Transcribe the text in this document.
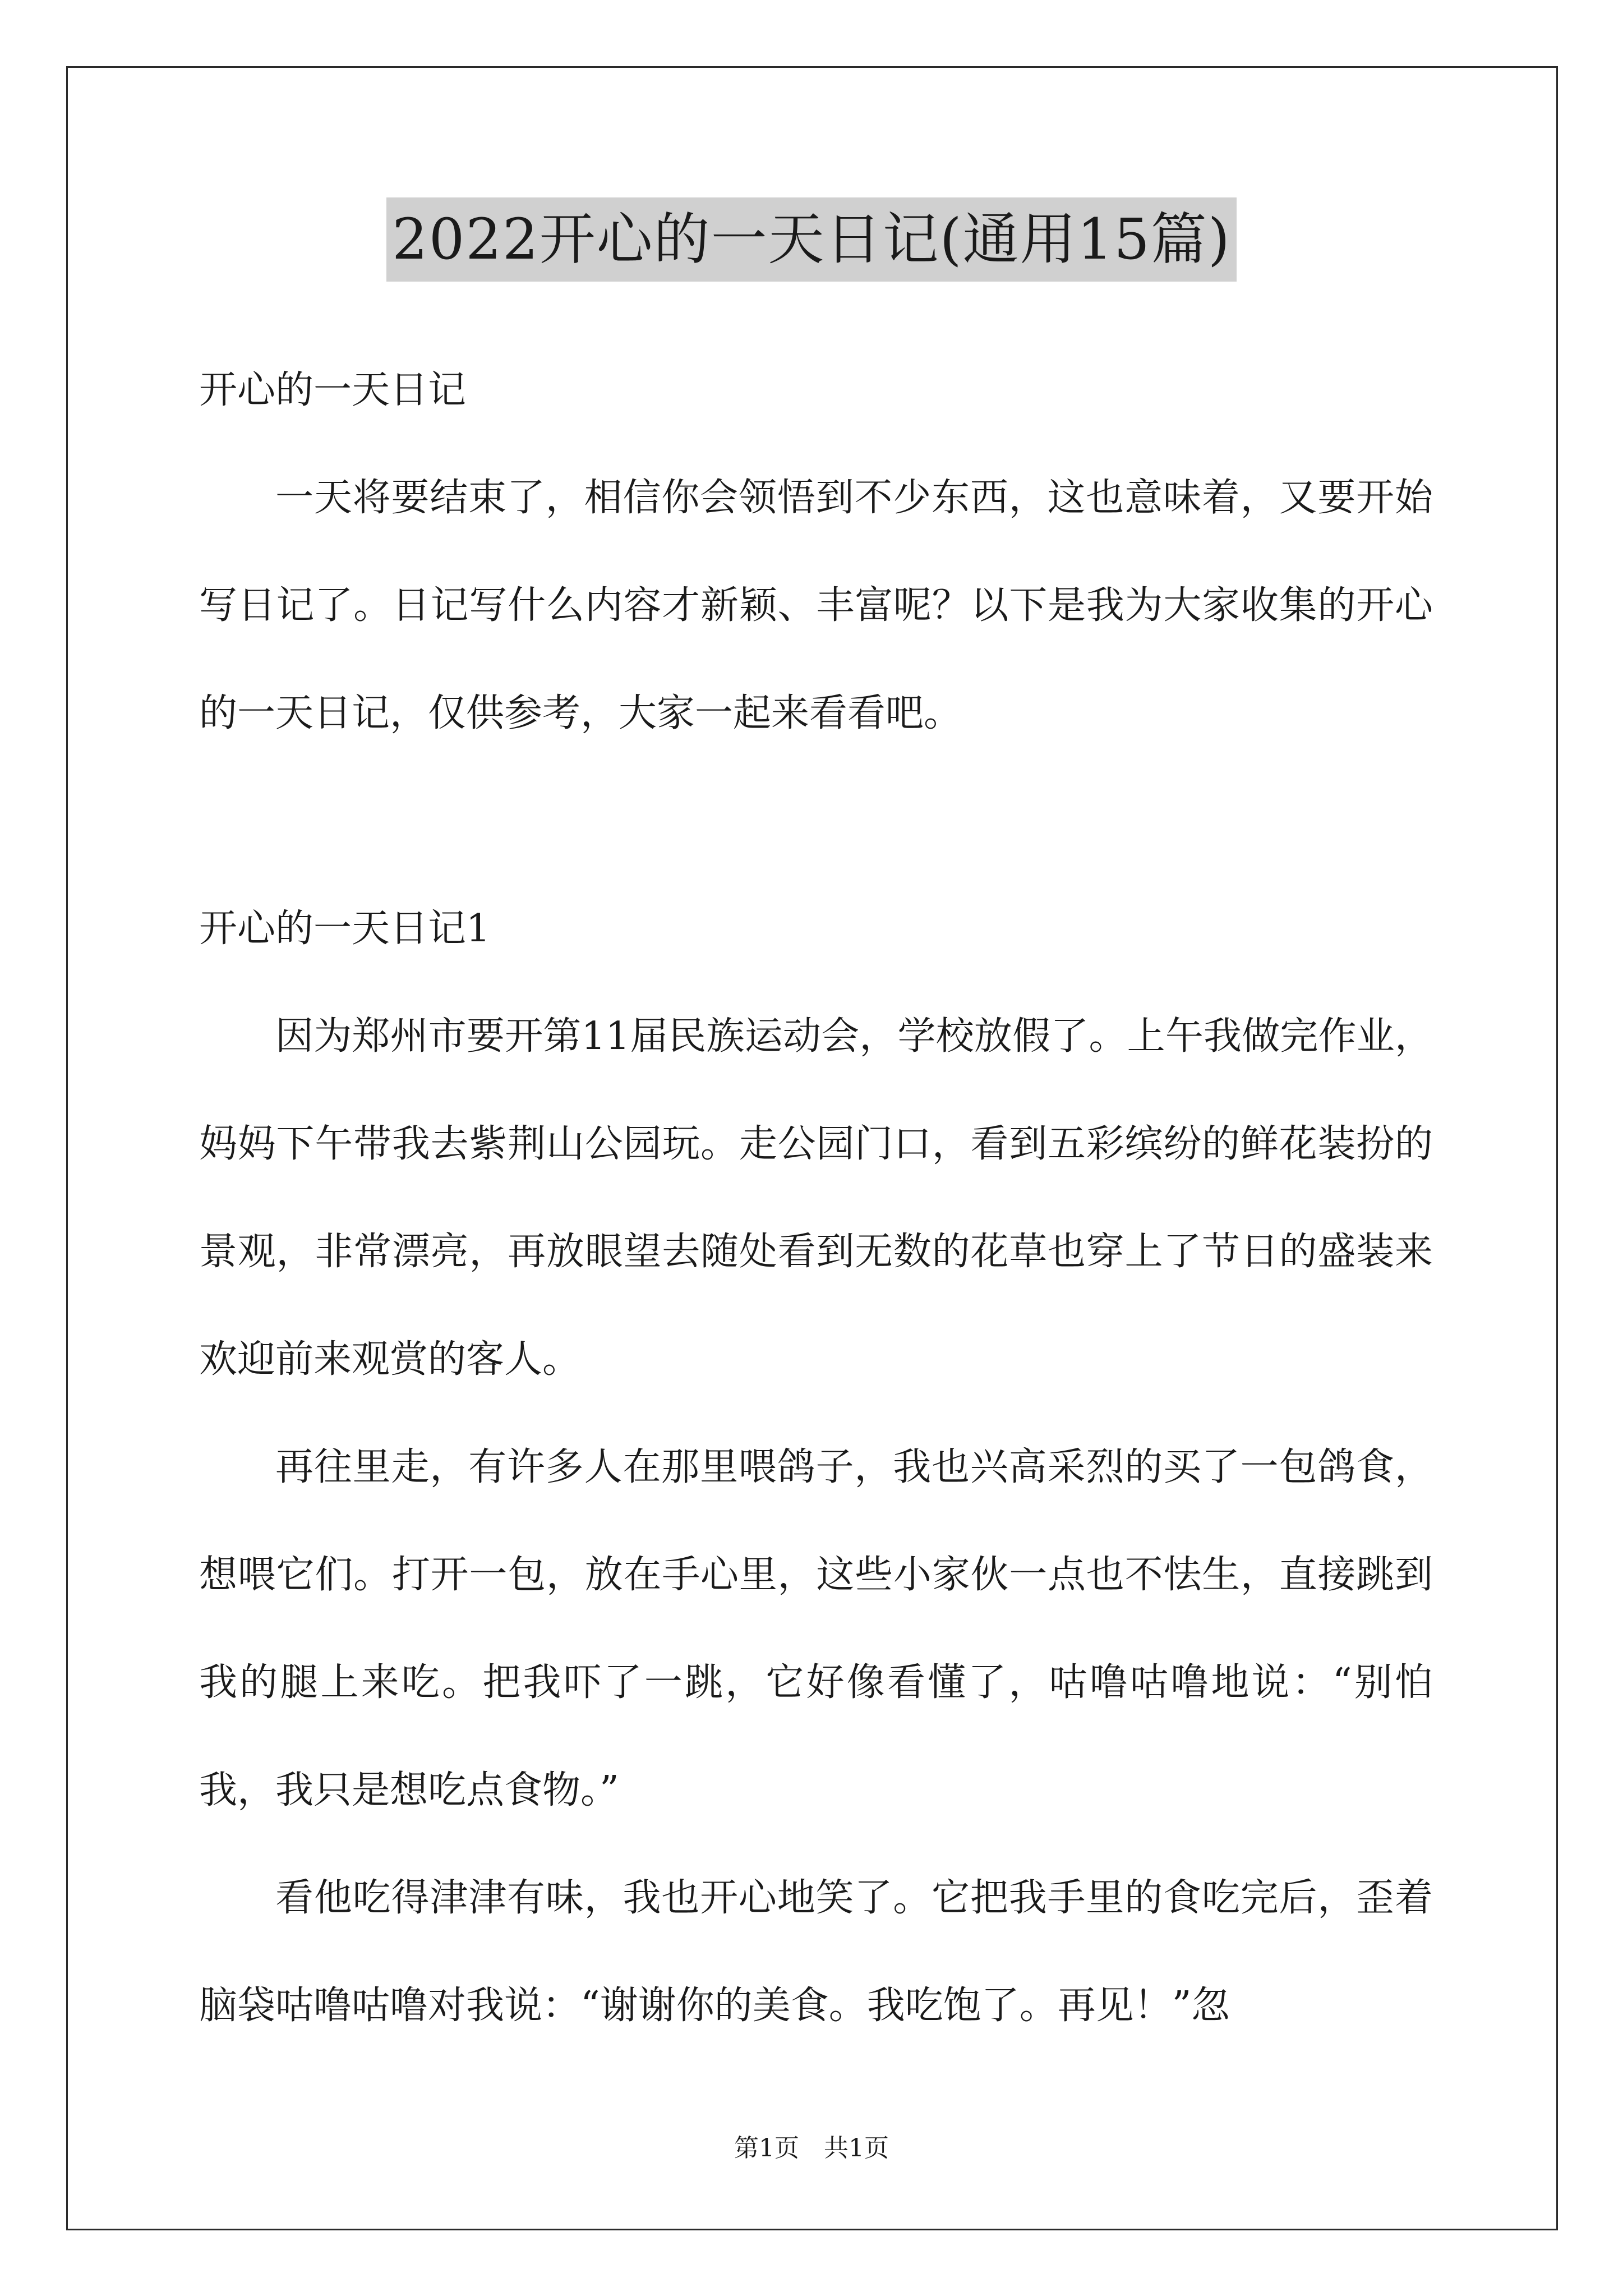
2022开心的一天日记(通用15篇)

开心的一天日记

一天将要结束了，相信你会领悟到不少东西，这也意味着，又要开始写日记了。日记写什么内容才新颖、丰富呢？以下是我为大家收集的开心的一天日记，仅供参考，大家一起来看看吧。

开心的一天日记1

因为郑州市要开第11届民族运动会，学校放假了。上午我做完作业，妈妈下午带我去紫荆山公园玩。走公园门口，看到五彩缤纷的鲜花装扮的景观，非常漂亮，再放眼望去随处看到无数的花草也穿上了节日的盛装来欢迎前来观赏的客人。

再往里走，有许多人在那里喂鸽子，我也兴高采烈的买了一包鸽食，想喂它们。打开一包，放在手心里，这些小家伙一点也不怯生，直接跳到我的腿上来吃。把我吓了一跳，它好像看懂了，咕噜咕噜地说：“别怕我，我只是想吃点食物。”

看他吃得津津有味，我也开心地笑了。它把我手里的食吃完后，歪着脑袋咕噜咕噜对我说：“谢谢你的美食。我吃饱了。再见！”忽

第1页　共1页
